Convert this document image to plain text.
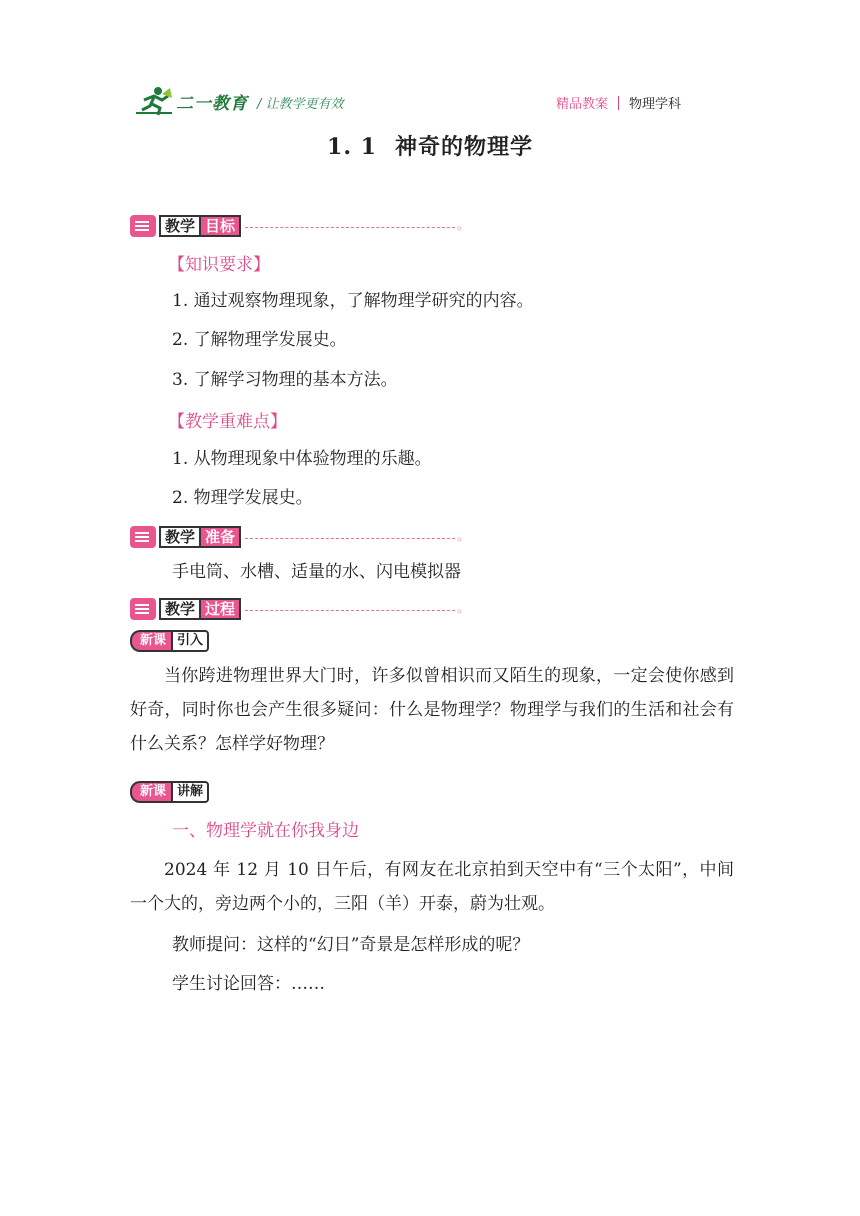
二一教育 / 让教学更有效	精品教案 物理学科
1. 1 神奇的物理学
教学 目标
。
【知识要求】
1. 通过观察物理现象，了解物理学研究的内容。
2. 了解物理学发展史。
3. 了解学习物理的基本方法。
【教学重难点】
1. 从物理现象中体验物理的乐趣。
2. 物理学发展史。
教学 准备
。
手电筒、水槽、适量的水、闪电模拟器
教学 过程
。
新课 引入
当你跨进物理世界大门时，许多似曾相识而又陌生的现象，一定会使你感到好奇，同时你也会产生很多疑问：什么是物理学？物理学与我们的生活和社会有什么关系？怎样学好物理？
新课 讲解
一、物理学就在你我身边
2024 年 12 月 10 日午后，有网友在北京拍到天空中有“三个太阳”，中间一个大的，旁边两个小的，三阳（羊）开泰，蔚为壮观。
教师提问：这样的“幻日”奇景是怎样形成的呢？
学生讨论回答：……
